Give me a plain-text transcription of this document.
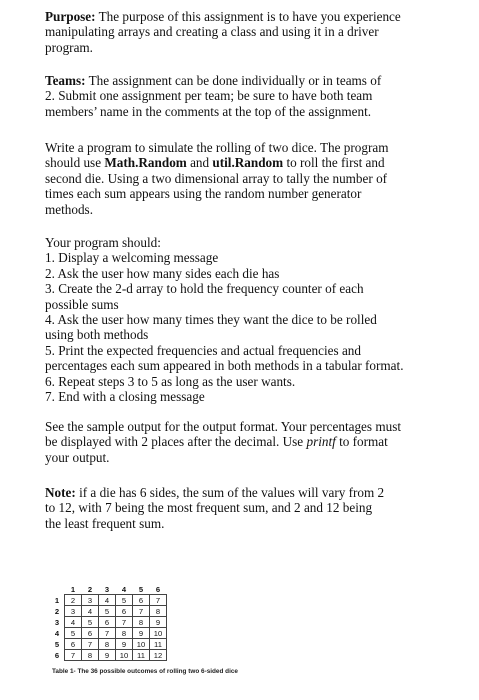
Purpose: The purpose of this assignment is to have you experience
manipulating arrays and creating a class and using it in a driver
program.

Teams: The assignment can be done individually or in teams of
2. Submit one assignment per team; be sure to have both team
members’ name in the comments at the top of the assignment.

Write a program to simulate the rolling of two dice. The program
should use Math.Random and util.Random to roll the first and
second die. Using a two dimensional array to tally the number of
times each sum appears using the random number generator
methods.

Your program should:
1. Display a welcoming message
2. Ask the user how many sides each die has
3. Create the 2-d array to hold the frequency counter of each
possible sums
4. Ask the user how many times they want the dice to be rolled
using both methods
5. Print the expected frequencies and actual frequencies and
percentages each sum appeared in both methods in a tabular format.
6. Repeat steps 3 to 5 as long as the user wants.
7. End with a closing message

See the sample output for the output format. Your percentages must
be displayed with 2 places after the decimal. Use printf to format
your output.

Note: if a die has 6 sides, the sum of the values will vary from 2
to 12, with 7 being the most frequent sum, and 2 and 12 being
the least frequent sum.

	1	2	3	4	5	6
1	2	3	4	5	6	7
2	3	4	5	6	7	8
3	4	5	6	7	8	9
4	5	6	7	8	9	10
5	6	7	8	9	10	11
6	7	8	9	10	11	12
Table 1- The 36 possible outcomes of rolling two 6-sided dice
